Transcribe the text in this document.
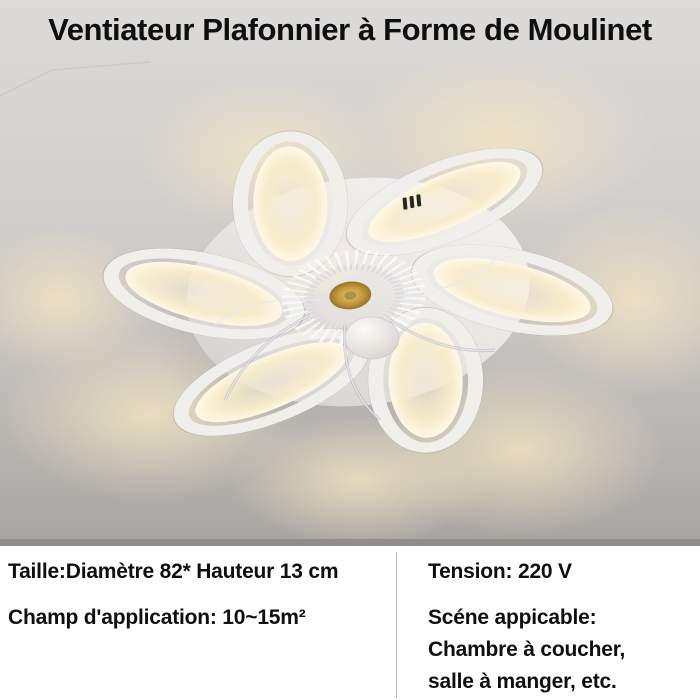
Ventiateur Plafonnier à Forme de Moulinet

Taille:Diamètre 82* Hauteur 13 cm

Champ d'application: 10~15m²

Tension: 220 V

Scéne appicable:

Chambre à coucher,

salle à manger, etc.
